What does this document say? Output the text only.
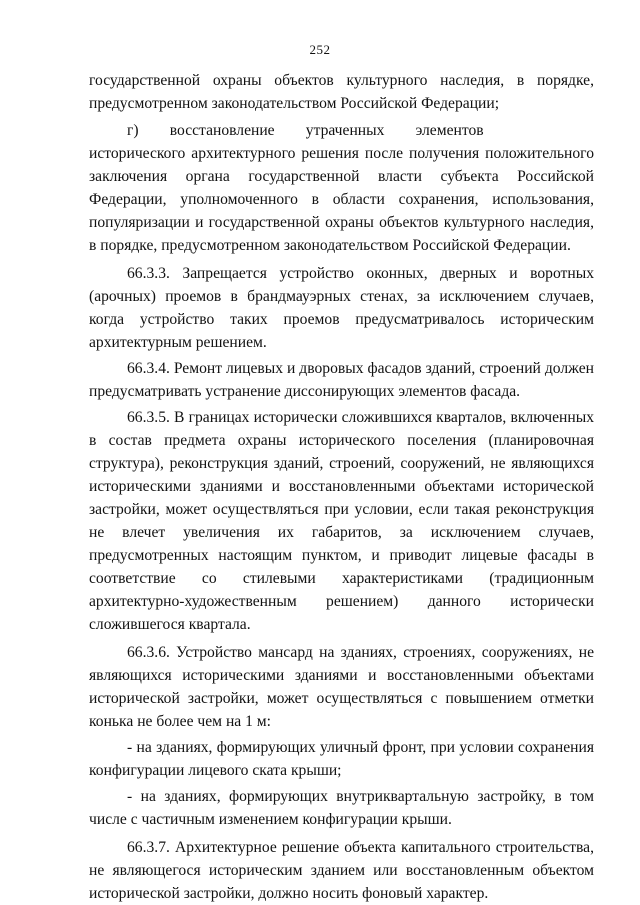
252

государственной охраны объектов культурного наследия, в порядке, предусмотренном законодательством Российской Федерации;

г)  восстановление  утраченных  элементов  исторического архитектурного решения после получения положительного заключения органа государственной власти субъекта Российской Федерации, уполномоченного в области сохранения, использования, популяризации и государственной охраны объектов культурного наследия, в порядке, предусмотренном законодательством Российской Федерации.

66.3.3. Запрещается устройство оконных, дверных и воротных (арочных) проемов в брандмауэрных стенах, за исключением случаев, когда устройство таких проемов предусматривалось историческим архитектурным решением.

66.3.4. Ремонт лицевых и дворовых фасадов зданий, строений должен предусматривать устранение диссонирующих элементов фасада.

66.3.5. В границах исторически сложившихся кварталов, включенных в состав предмета охраны исторического поселения (планировочная структура), реконструкция зданий, строений, сооружений, не являющихся историческими зданиями и восстановленными объектами исторической застройки, может осуществляться при условии, если такая реконструкция не влечет увеличения их габаритов, за исключением случаев, предусмотренных настоящим пунктом, и приводит лицевые фасады в соответствие со стилевыми характеристиками (традиционным архитектурно-художественным решением) данного исторически сложившегося квартала.

66.3.6. Устройство мансард на зданиях, строениях, сооружениях, не являющихся историческими зданиями и восстановленными объектами исторической застройки, может осуществляться с повышением отметки конька не более чем на 1 м:

- на зданиях, формирующих уличный фронт, при условии сохранения конфигурации лицевого ската крыши;

- на зданиях, формирующих внутриквартальную застройку, в том числе с частичным изменением конфигурации крыши.

66.3.7. Архитектурное решение объекта капитального строительства, не являющегося историческим зданием или восстановленным объектом исторической застройки, должно носить фоновый характер.
